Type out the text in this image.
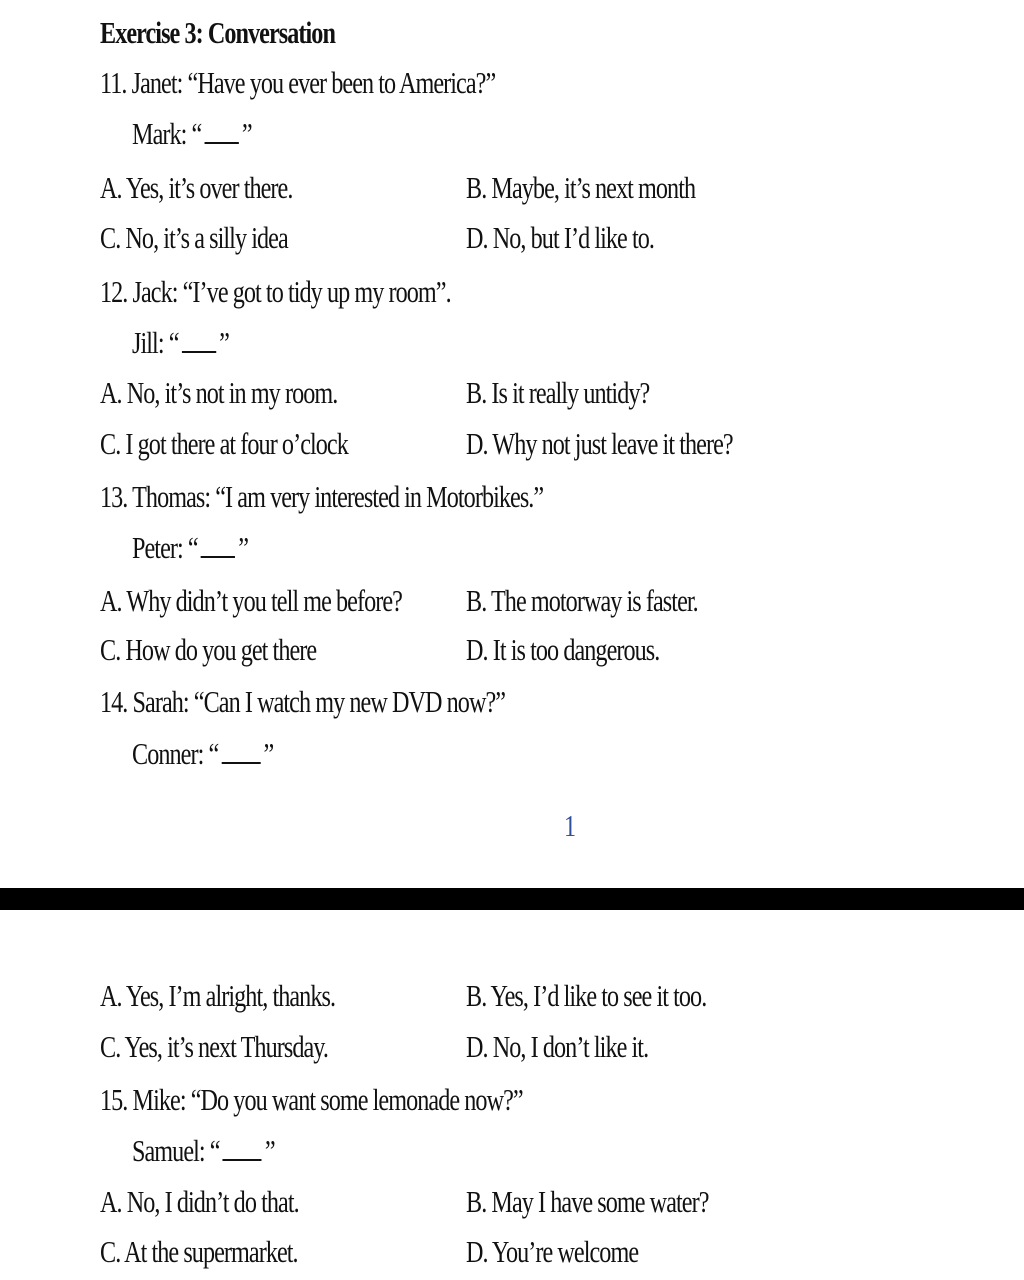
Exercise 3: Conversation
11. Janet: “Have you ever been to America?”
Mark: “ ”
A. Yes, it’s over there.	B. Maybe, it’s next month
C. No, it’s a silly idea	D. No, but I’d like to.
12. Jack: “I’ve got to tidy up my room”.
Jill: “ ”
A. No, it’s not in my room.	B. Is it really untidy?
C. I got there at four o’clock	D. Why not just leave it there?
13. Thomas: “I am very interested in Motorbikes.”
Peter: “ ”
A. Why didn’t you tell me before? B. The motorway is faster.
C. How do you get there	D. It is too dangerous.
14. Sarah: “Can I watch my new DVD now?”
Conner: “ ”
1
A. Yes, I’m alright, thanks.	B. Yes, I’d like to see it too.
C. Yes, it’s next Thursday.	D. No, I don’t like it.
15. Mike: “Do you want some lemonade now?”
Samuel: “ ”
A. No, I didn’t do that.	B. May I have some water?
C. At the supermarket.	D. You’re welcome
